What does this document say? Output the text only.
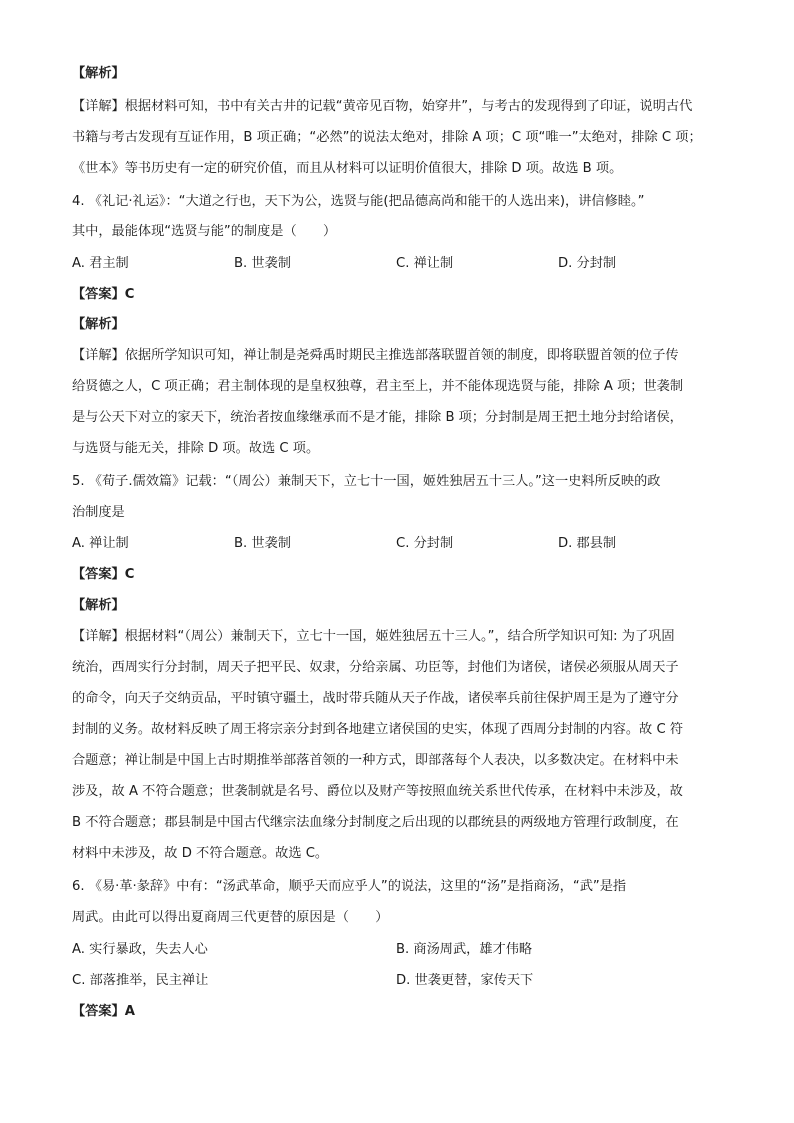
【解析】
【详解】根据材料可知，书中有关古井的记载“黄帝见百物，始穿井”，与考古的发现得到了印证，说明古代
书籍与考古发现有互证作用，B 项正确；“必然”的说法太绝对，排除 A 项；C 项“唯一”太绝对，排除 C 项；
《世本》等书历史有一定的研究价值，而且从材料可以证明价值很大，排除 D 项。故选 B 项。
4. 《礼记·礼运》：“大道之行也，天下为公，选贤与能(把品德高尚和能干的人选出来)，讲信修睦。”
其中，最能体现“选贤与能”的制度是（　　）
A. 君主制	B. 世袭制	C. 禅让制	D. 分封制
【答案】C
【解析】
【详解】依据所学知识可知，禅让制是尧舜禹时期民主推选部落联盟首领的制度，即将联盟首领的位子传
给贤德之人，C 项正确；君主制体现的是皇权独尊，君主至上，并不能体现选贤与能，排除 A 项；世袭制
是与公天下对立的家天下，统治者按血缘继承而不是才能，排除 B 项；分封制是周王把土地分封给诸侯，
与选贤与能无关，排除 D 项。故选 C 项。
5. 《荀子.儒效篇》记载：“（周公）兼制天下，立七十一国，姬姓独居五十三人。”这一史料所反映的政
治制度是
A. 禅让制	B. 世袭制	C. 分封制	D. 郡县制
【答案】C
【解析】
【详解】根据材料“（周公）兼制天下，立七十一国，姬姓独居五十三人。”，结合所学知识可知: 为了巩固
统治，西周实行分封制，周天子把平民、奴隶，分给亲属、功臣等，封他们为诸侯，诸侯必须服从周天子
的命令，向天子交纳贡品，平时镇守疆土，战时带兵随从天子作战，诸侯率兵前往保护周王是为了遵守分
封制的义务。故材料反映了周王将宗亲分封到各地建立诸侯国的史实，体现了西周分封制的内容。故 C 符
合题意；禅让制是中国上古时期推举部落首领的一种方式，即部落每个人表决，以多数决定。在材料中未
涉及，故 A 不符合题意；世袭制就是名号、爵位以及财产等按照血统关系世代传承，在材料中未涉及，故
B 不符合题意；郡县制是中国古代继宗法血缘分封制度之后出现的以郡统县的两级地方管理行政制度，在
材料中未涉及，故 D 不符合题意。故选 C。
6. 《易·革·彖辞》中有：“汤武革命，顺乎天而应乎人”的说法，这里的“汤”是指商汤，“武”是指
周武。由此可以得出夏商周三代更替的原因是（　　）
A. 实行暴政，失去人心	B. 商汤周武，雄才伟略
C. 部落推举，民主禅让	D. 世袭更替，家传天下
【答案】A
